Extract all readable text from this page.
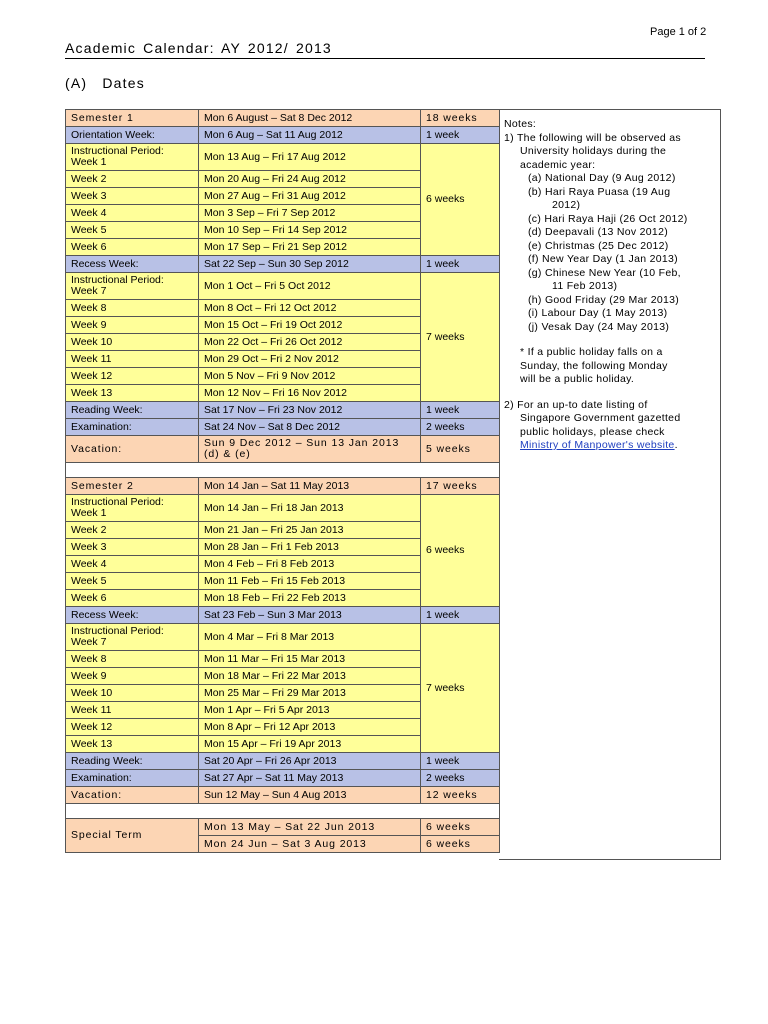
Page 1 of 2
Academic Calendar: AY 2012/ 2013
(A) Dates
Semester 1	Mon 6 August – Sat 8 Dec 2012	18 weeks
Orientation Week:	Mon 6 Aug – Sat 11 Aug 2012	1 week
Instructional Period:
Week 1	Mon 13 Aug – Fri 17 Aug 2012	6 weeks
Week 2	Mon 20 Aug – Fri 24 Aug 2012	
Week 3	Mon 27 Aug – Fri 31 Aug 2012	
Week 4	Mon 3 Sep – Fri 7 Sep 2012	
Week 5	Mon 10 Sep – Fri 14 Sep 2012	
Week 6	Mon 17 Sep – Fri 21 Sep 2012	
Recess Week:	Sat 22 Sep – Sun 30 Sep 2012	1 week
Instructional Period:
Week 7	Mon 1 Oct – Fri 5 Oct 2012	7 weeks
Week 8	Mon 8 Oct – Fri 12 Oct 2012	
Week 9	Mon 15 Oct – Fri 19 Oct 2012	
Week 10	Mon 22 Oct – Fri 26 Oct 2012	
Week 11	Mon 29 Oct – Fri 2 Nov 2012	
Week 12	Mon 5 Nov – Fri 9 Nov 2012	
Week 13	Mon 12 Nov – Fri 16 Nov 2012	
Reading Week:	Sat 17 Nov – Fri 23 Nov 2012	1 week
Examination:	Sat 24 Nov – Sat 8 Dec 2012	2 weeks
Vacation:	Sun 9 Dec 2012 – Sun 13 Jan 2013 (d) & (e)	5 weeks

Semester 2	Mon 14 Jan – Sat 11 May 2013	17 weeks
Instructional Period:
Week 1	Mon 14 Jan – Fri 18 Jan 2013	6 weeks
Week 2	Mon 21 Jan – Fri 25 Jan 2013	
Week 3	Mon 28 Jan – Fri 1 Feb 2013	
Week 4	Mon 4 Feb – Fri 8 Feb 2013	
Week 5	Mon 11 Feb – Fri 15 Feb 2013	
Week 6	Mon 18 Feb – Fri 22 Feb 2013	
Recess Week:	Sat 23 Feb – Sun 3 Mar 2013	1 week
Instructional Period:
Week 7	Mon 4 Mar – Fri 8 Mar 2013	7 weeks
Week 8	Mon 11 Mar – Fri 15 Mar 2013	
Week 9	Mon 18 Mar – Fri 22 Mar 2013	
Week 10	Mon 25 Mar – Fri 29 Mar 2013	
Week 11	Mon 1 Apr – Fri 5 Apr 2013	
Week 12	Mon 8 Apr – Fri 12 Apr 2013	
Week 13	Mon 15 Apr – Fri 19 Apr 2013	
Reading Week:	Sat 20 Apr – Fri 26 Apr 2013	1 week
Examination:	Sat 27 Apr – Sat 11 May 2013	2 weeks
Vacation:	Sun 12 May – Sun 4 Aug 2013	12 weeks

Special Term	Mon 13 May – Sat 22 Jun 2013	6 weeks
	Mon 24 Jun – Sat 3 Aug 2013	6 weeks
Notes:
1) The following will be observed as
University holidays during the
academic year:
(a) National Day (9 Aug 2012)
(b) Hari Raya Puasa (19 Aug
2012)
(c) Hari Raya Haji (26 Oct 2012)
(d) Deepavali (13 Nov 2012)
(e) Christmas (25 Dec 2012)
(f) New Year Day (1 Jan 2013)
(g) Chinese New Year (10 Feb,
11 Feb 2013)
(h) Good Friday (29 Mar 2013)
(i) Labour Day (1 May 2013)
(j) Vesak Day (24 May 2013)
* If a public holiday falls on a
Sunday, the following Monday
will be a public holiday.
2) For an up-to date listing of
Singapore Government gazetted
public holidays, please check
Ministry of Manpower's website.
